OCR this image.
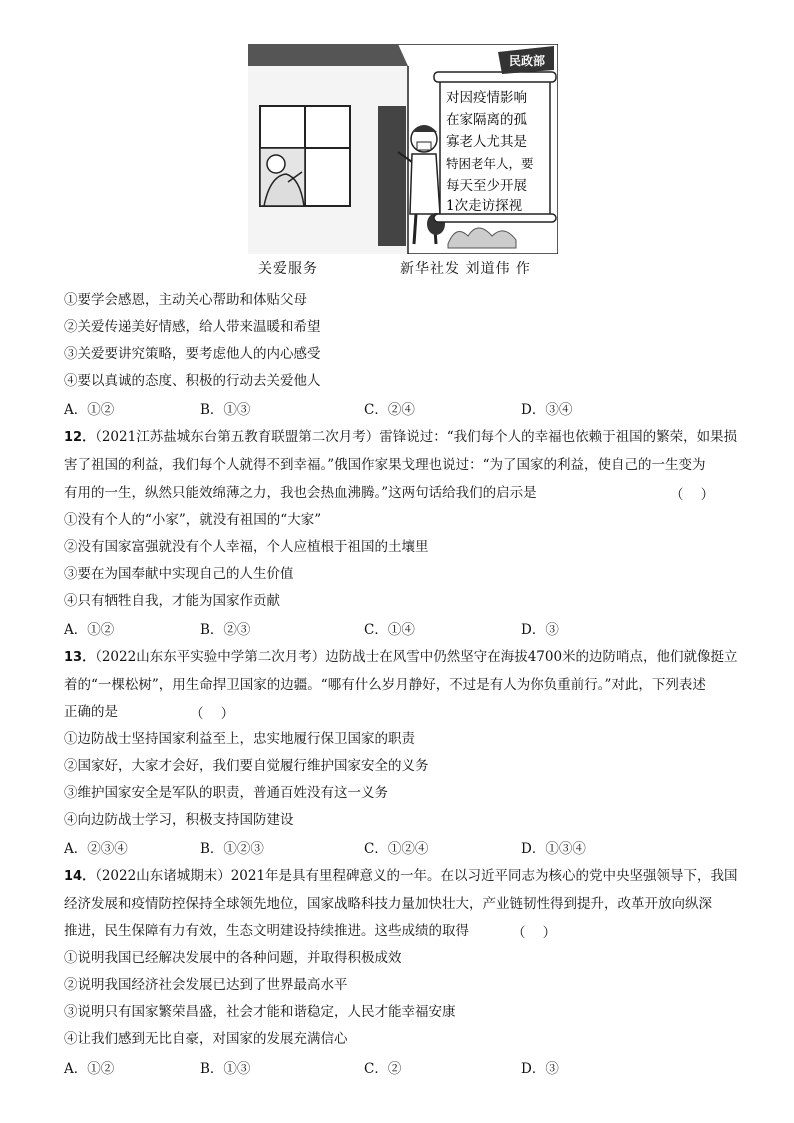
民政部
对因疫情影响
在家隔离的孤
寡老人尤其是
特困老年人，要
每天至少开展
1次走访探视
关爱服务	新华社发 刘道伟 作
①要学会感恩，主动关心帮助和体贴父母
②关爱传递美好情感，给人带来温暖和希望
③关爱要讲究策略，要考虑他人的内心感受
④要以真诚的态度、积极的行动去关爱他人
A．①②	B．①③	C．②④	D．③④
12．（2021江苏盐城东台第五教育联盟第二次月考）雷锋说过：“我们每个人的幸福也依赖于祖国的繁荣，如果损
害了祖国的利益，我们每个人就得不到幸福。”俄国作家果戈理也说过：“为了国家的利益，使自己的一生变为
有用的一生，纵然只能效绵薄之力，我也会热血沸腾。”这两句话给我们的启示是	（    ）
①没有个人的“小家”，就没有祖国的“大家”
②没有国家富强就没有个人幸福，个人应植根于祖国的土壤里
③要在为国奉献中实现自己的人生价值
④只有牺牲自我，才能为国家作贡献
A．①②	B．②③	C．①④	D．③
13．（2022山东东平实验中学第二次月考）边防战士在风雪中仍然坚守在海拔4700米的边防哨点，他们就像挺立
着的“一棵松树”，用生命捍卫国家的边疆。“哪有什么岁月静好，不过是有人为你负重前行。”对此，下列表述
正确的是	（    ）
①边防战士坚持国家利益至上，忠实地履行保卫国家的职责
②国家好，大家才会好，我们要自觉履行维护国家安全的义务
③维护国家安全是军队的职责，普通百姓没有这一义务
④向边防战士学习，积极支持国防建设
A．②③④	B．①②③	C．①②④	D．①③④
14．（2022山东诸城期末）2021年是具有里程碑意义的一年。在以习近平同志为核心的党中央坚强领导下，我国
经济发展和疫情防控保持全球领先地位，国家战略科技力量加快壮大，产业链韧性得到提升，改革开放向纵深
推进，民生保障有力有效，生态文明建设持续推进。这些成绩的取得	（    ）
①说明我国已经解决发展中的各种问题，并取得积极成效
②说明我国经济社会发展已达到了世界最高水平
③说明只有国家繁荣昌盛，社会才能和谐稳定，人民才能幸福安康
④让我们感到无比自豪，对国家的发展充满信心
A．①②	B．①③	C．②	D．③
